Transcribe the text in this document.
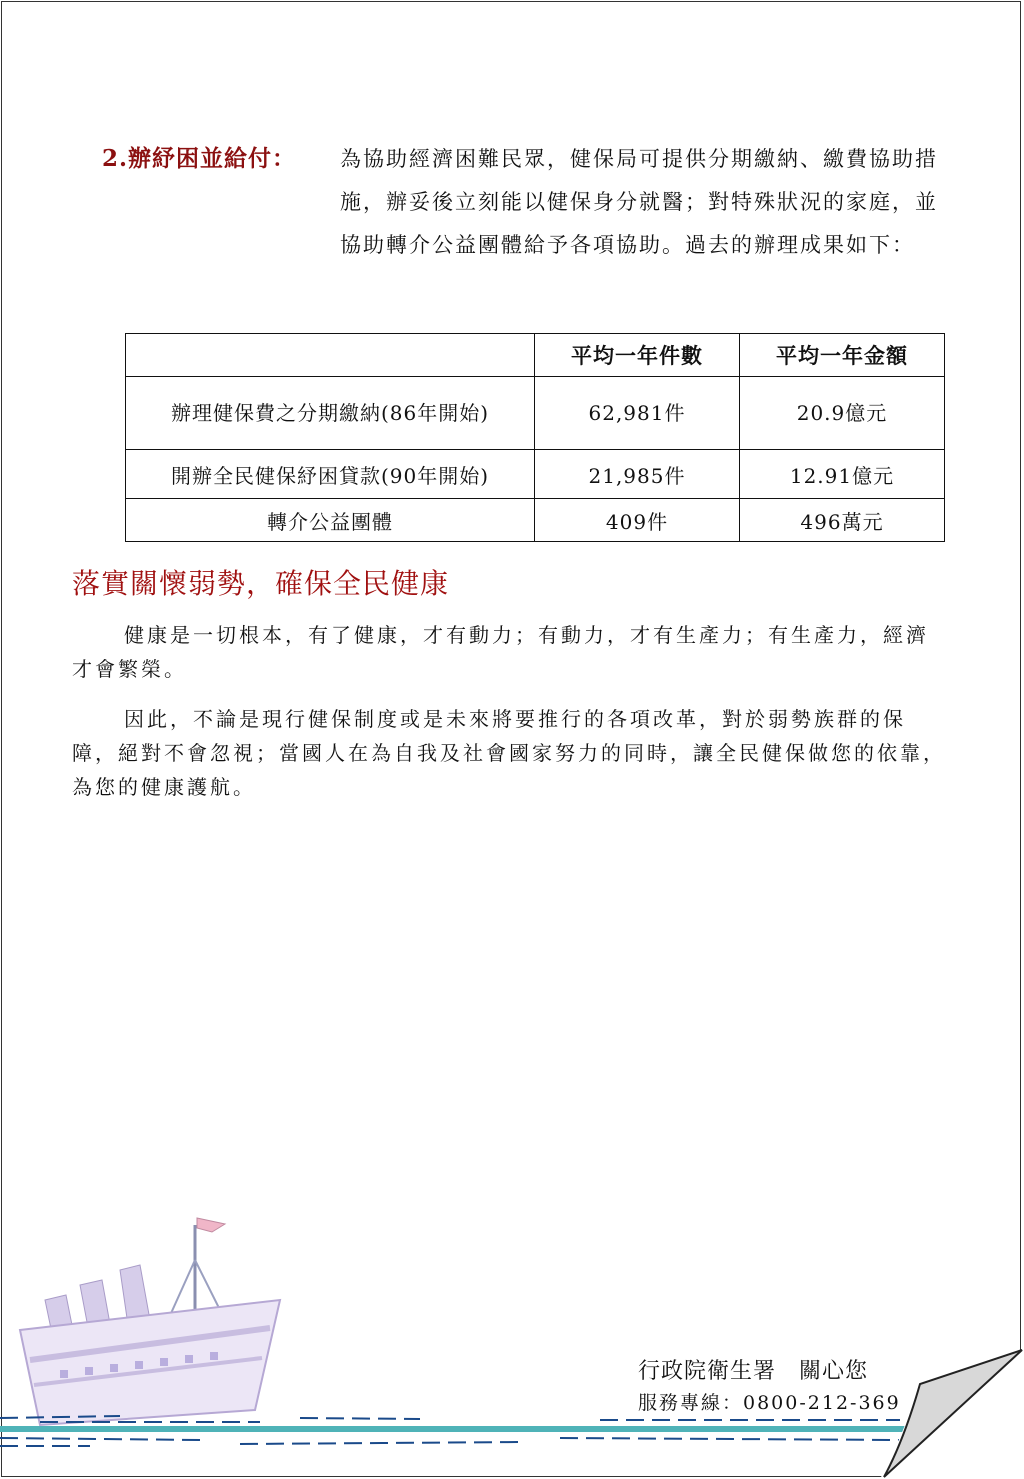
2.辦紓困並給付： 為協助經濟困難民眾，健保局可提供分期繳納、繳費協助措施，辦妥後立刻能以健保身分就醫；對特殊狀況的家庭，並協助轉介公益團體給予各項協助。過去的辦理成果如下：
	平均一年件數	平均一年金額
辦理健保費之分期繳納(86年開始)	62,981件	20.9億元
開辦全民健保紓困貸款(90年開始)	21,985件	12.91億元
轉介公益團體	409件	496萬元
落實關懷弱勢，確保全民健康

健康是一切根本，有了健康，才有動力；有動力，才有生產力；有生產力，經濟才會繁榮。

因此，不論是現行健保制度或是未來將要推行的各項改革，對於弱勢族群的保障，絕對不會忽視；當國人在為自我及社會國家努力的同時，讓全民健保做您的依靠，為您的健康護航。

行政院衛生署　關心您
服務專線：0800-212-369
